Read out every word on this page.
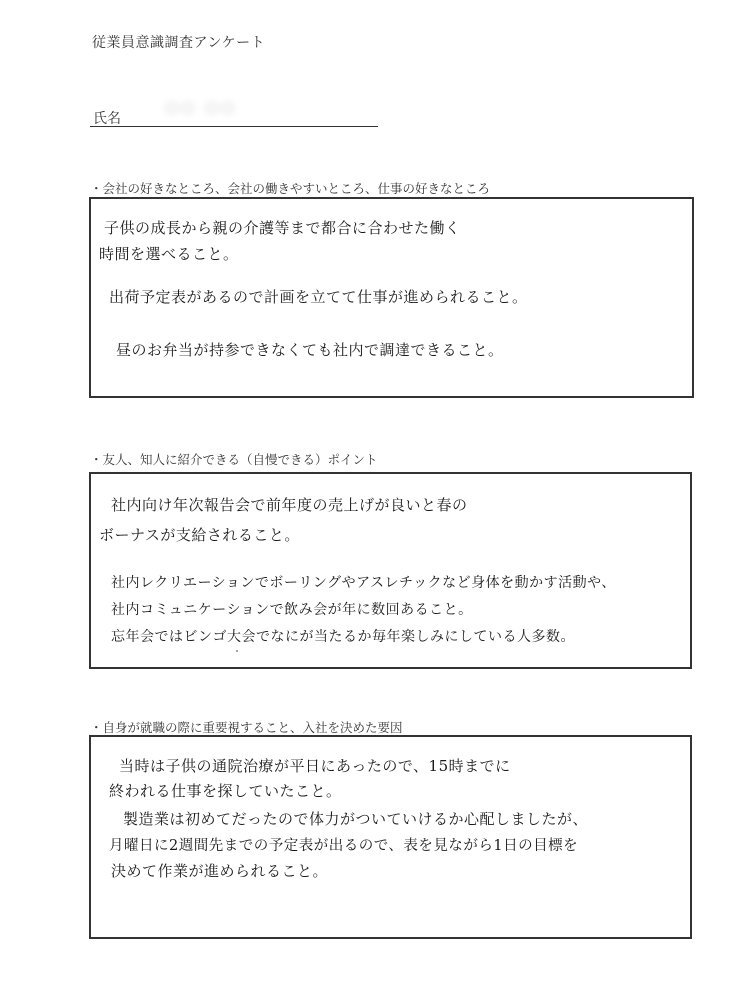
従業員意識調査アンケート
氏名
○○ ○○
・会社の好きなところ、会社の働きやすいところ、仕事の好きなところ
子供の成長から親の介護等まで都合に合わせた働く
時間を選べること。
出荷予定表があるので計画を立てて仕事が進められること。
昼のお弁当が持参できなくても社内で調達できること。
・友人、知人に紹介できる（自慢できる）ポイント
社内向け年次報告会で前年度の売上げが良いと春の
ボーナスが支給されること。
社内レクリエーションでボーリングやアスレチックなど身体を動かす活動や、
社内コミュニケーションで飲み会が年に数回あること。
忘年会ではビンゴ大会でなにが当たるか毎年楽しみにしている人多数。
・自身が就職の際に重要視すること、入社を決めた要因
当時は子供の通院治療が平日にあったので、15時までに
終われる仕事を探していたこと。
製造業は初めてだったので体力がついていけるか心配しましたが、
月曜日に2週間先までの予定表が出るので、表を見ながら1日の目標を
決めて作業が進められること。
